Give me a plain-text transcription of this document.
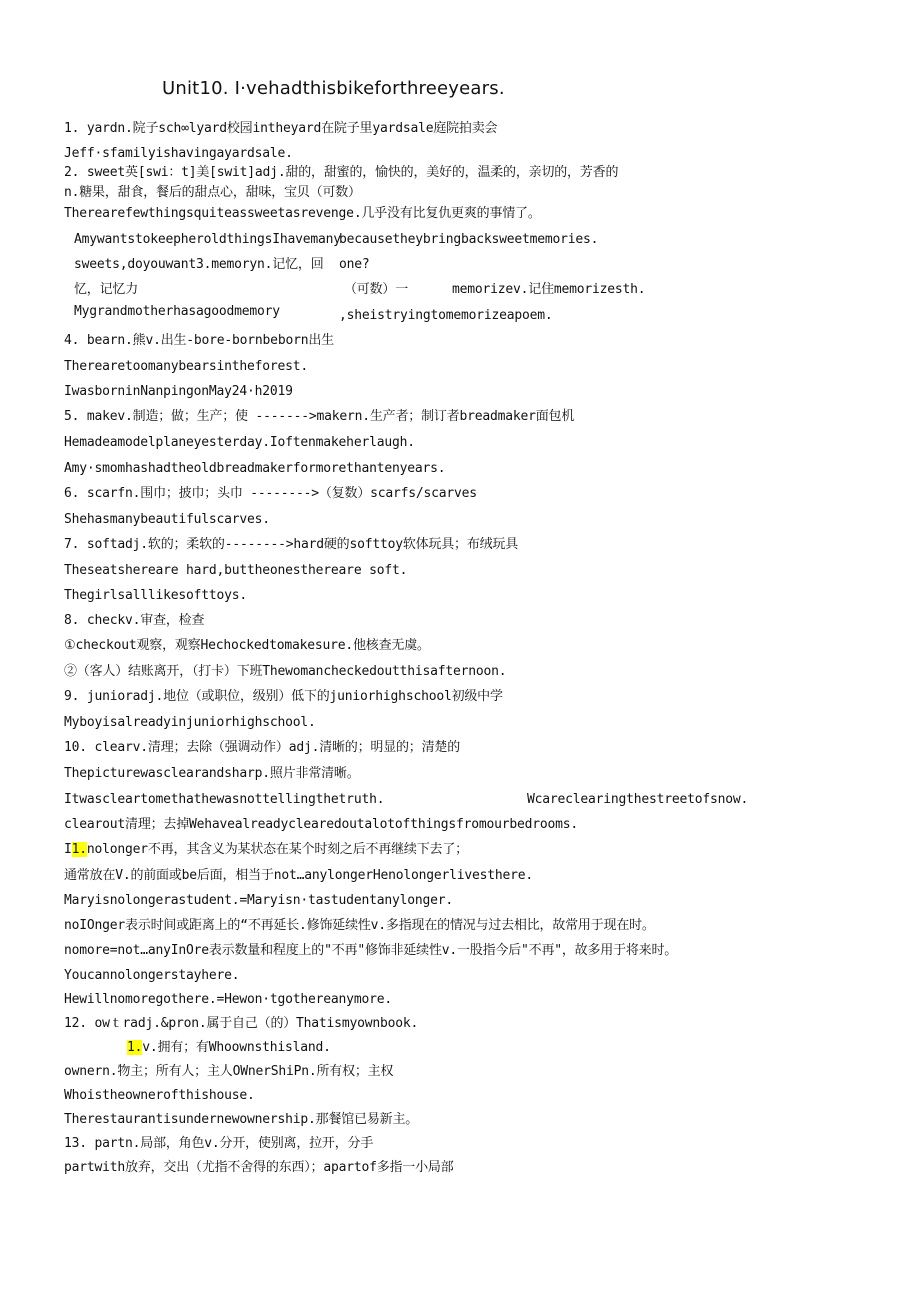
Unit10. I·vehadthisbikeforthreeyears.
1. yardn.院子sch∞lyard校园intheyard在院子里yardsale庭院拍卖会
Jeff·sfamilyishavingayardsale.
2. sweet英[swi：t]美[swit]adj.甜的，甜蜜的，愉快的，美好的，温柔的，亲切的，芳香的
n.糖果，甜食，餐后的甜点心，甜味，宝贝（可数）
Therearefewthingsquiteassweetasrevenge.几乎没有比复仇更爽的事情了。
AmywantstokeepheroldthingsIhavemany
becausetheybringbacksweetmemories.
sweets,doyouwant3.memoryn.记忆，回 one?
忆，记忆力	（可数）一	memorizev.记住memorizesth.
Mygrandmotherhasagoodmemory	,sheistryingtomemorizeapoem.
4. bearn.熊v.出生-bore-bornbeborn出生
Therearetoomanybearsintheforest.
IwasborninNanpingonMay24·h2019
5. makev.制造；做；生产；使 ------->makern.生产者；制订者breadmaker面包机
Hemadeamodelplaneyesterday.Ioftenmakeherlaugh.
Amy·smomhashadtheoldbreadmakerformorethantenyears.
6. scarfn.围巾；披巾；头巾 -------->（复数）scarfs/scarves
Shehasmanybeautifulscarves.
7. softadj.软的；柔软的-------->hard硬的softtoy软体玩具；布绒玩具
Theseatshereare hard,buttheonesthereare soft.
Thegirlsalllikesofttoys.
8. checkv.审查，检查
①checkout观察，观察Hechockedtomakesure.他核查无虞。
②（客人）结账离开，（打卡）下班Thewomancheckedoutthisafternoon.
9. junioradj.地位（或职位，级别）低下的juniorhighschool初级中学
Myboyisalreadyinjuniorhighschool.
10. clearv.清理；去除（强调动作）adj.清晰的；明显的；清楚的
Thepicturewasclearandsharp.照片非常清晰。
Itwascleartomethathewasnottellingthetruth.	Wcareclearingthestreetofsnow.
clearout清理；去掉Wehavealreadyclearedoutalotofthingsfromourbedrooms.
I1.nolonger不再，其含义为某状态在某个时刻之后不再继续下去了；
通常放在V.的前面或be后面，相当于not…anylongerHenolongerlivesthere.
Maryisnolongerastudent.=Maryisn·tastudentanylonger.
noIOnger表示时间或距离上的“不再延长.修饰延续性v.多指现在的情况与过去相比，故常用于现在时。
nomore=not…anyInOre表示数量和程度上的"不再"修饰非延续性v.一股指今后"不再"，故多用于将来时。
Youcannolongerstayhere.
Hewillnomoregothere.=Hewon·tgothereanymore.
12. owｔradj.&pron.属于自己（的）Thatismyownbook.
1.v.拥有；有Whoownsthisland.
ownern.物主；所有人；主人OWnerShiPn.所有权；主权
Whoistheownerofthishouse.
Therestaurantisundernewownership.那餐馆已易新主。
13. partn.局部，角色v.分开，使别离，拉开，分手
partwith放弃，交出（尤指不舍得的东西）；apartof多指一小局部
